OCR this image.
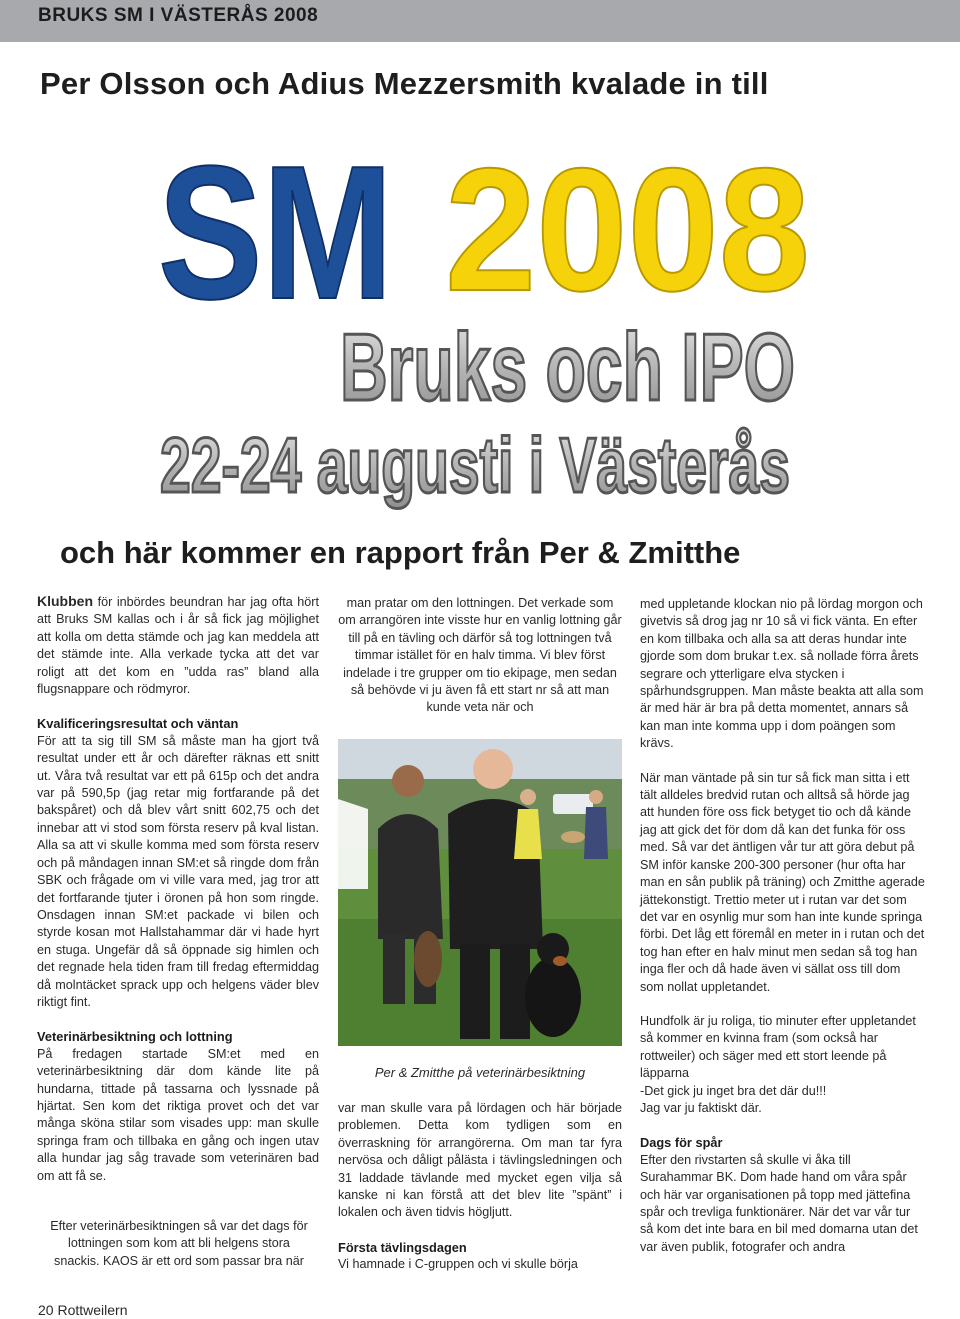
BRUKS SM I VÄSTERÅS 2008
Per Olsson och Adius Mezzersmith kvalade in till
SM 2008
Bruks och IPO
22-24 augusti i Västerås
och här kommer en rapport från Per & Zmitthe

Klubben för inbördes beundran har jag ofta hört att Bruks SM kallas och i år så fick jag möjlighet att kolla om detta stämde och jag kan meddela att det stämde inte. Alla verkade tycka att det var roligt att det kom en ”udda ras” bland alla flugsnappare och rödmyror.

Kvalificeringsresultat och väntan

För att ta sig till SM så måste man ha gjort två resultat under ett år och därefter räknas ett snitt ut. Våra två resultat var ett på 615p och det andra var på 590,5p (jag retar mig fortfarande på det bakspåret) och då blev vårt snitt 602,75 och det innebar att vi stod som första reserv på kval listan. Alla sa att vi skulle komma med som första reserv och på måndagen innan SM:et så ringde dom från SBK och frågade om vi ville vara med, jag tror att det fortfarande tjuter i öronen på hon som ringde. Onsdagen innan SM:et packade vi bilen och styrde kosan mot Hallstahammar där vi hade hyrt en stuga. Ungefär då så öppnade sig himlen och det regnade hela tiden fram till fredag eftermiddag då molntäcket sprack upp och helgens väder blev riktigt fint.

Veterinärbesiktning och lottning

På fredagen startade SM:et med en veterinärbesiktning där dom kände lite på hundarna, tittade på tassarna och lyssnade på hjärtat. Sen kom det riktiga provet och det var många sköna stilar som visades upp: man skulle springa fram och tillbaka en gång och ingen utav alla hundar jag såg travade som veterinären bad om att få se.

Efter veterinärbesiktningen så var det dags för lottningen som kom att bli helgens stora snackis. KAOS är ett ord som passar bra när

man pratar om den lottningen. Det verkade som om arrangören inte visste hur en vanlig lottning går till på en tävling och därför så tog lottningen två timmar istället för en halv timma. Vi blev först indelade i tre grupper om tio ekipage, men sedan så behövde vi ju även få ett start nr så att man kunde veta när och

Per & Zmitthe på veterinärbesiktning

var man skulle vara på lördagen och här började problemen. Detta kom tydligen som en överraskning för arrangörerna. Om man tar fyra nervösa och dåligt pålästa i tävlingsledningen och 31 laddade tävlande med mycket egen vilja så kanske ni kan förstå att det blev lite ”spänt” i lokalen och även tidvis högljutt.

Första tävlingsdagen

Vi hamnade i C-gruppen och vi skulle börja

med uppletande klockan nio på lördag morgon och givetvis så drog jag nr 10 så vi fick vänta. En efter en kom tillbaka och alla sa att deras hundar inte gjorde som dom brukar t.ex. så nollade förra årets segrare och ytterligare elva stycken i spårhundsgruppen. Man måste beakta att alla som är med här är bra på detta momentet, annars så kan man inte komma upp i dom poängen som krävs.

När man väntade på sin tur så fick man sitta i ett tält alldeles bredvid rutan och alltså så hörde jag att hunden före oss fick betyget tio och då kände jag att gick det för dom då kan det funka för oss med. Så var det äntligen vår tur att göra debut på SM inför kanske 200-300 personer (hur ofta har man en sån publik på träning) och Zmitthe agerade jättekonstigt. Trettio meter ut i rutan var det som det var en osynlig mur som han inte kunde springa förbi. Det låg ett föremål en meter in i rutan och det tog han efter en halv minut men sedan så tog han inga fler och då hade även vi sällat oss till dom som nollat uppletandet.

Hundfolk är ju roliga, tio minuter efter uppletandet så kommer en kvinna fram (som också har rottweiler) och säger med ett stort leende på läpparna
-Det gick ju inget bra det där du!!!
Jag var ju faktiskt där.

Dags för spår

Efter den rivstarten så skulle vi åka till Surahammar BK. Dom hade hand om våra spår och här var organisationen på topp med jättefina spår och trevliga funktionärer. När det var vår tur så kom det inte bara en bil med domarna utan det var även publik, fotografer och andra

20 Rottweilern
